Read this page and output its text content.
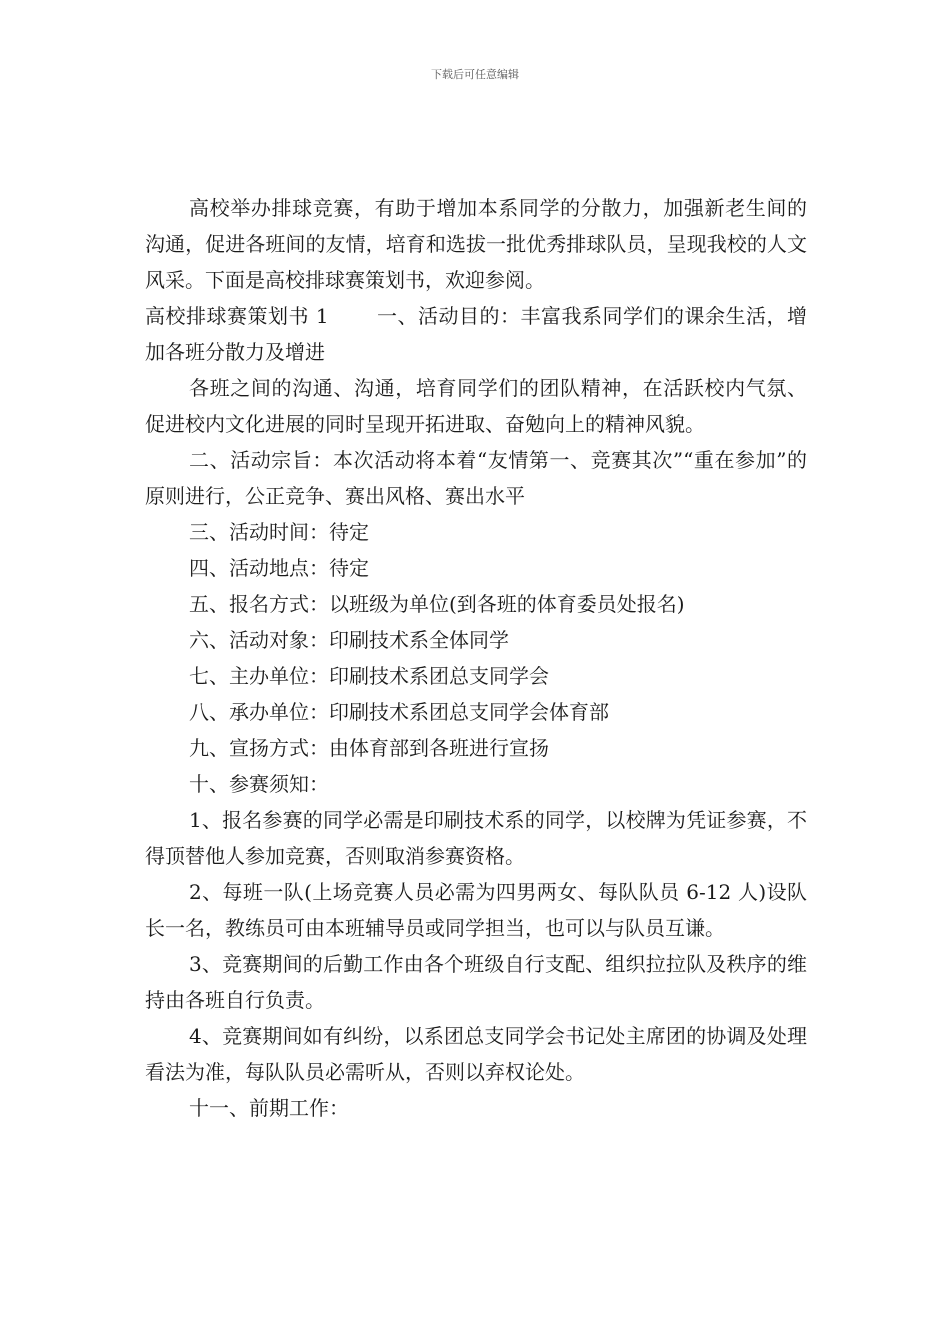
下载后可任意编辑

高校举办排球竞赛，有助于增加本系同学的分散力，加强新老生间的沟通，促进各班间的友情，培育和选拔一批优秀排球队员，呈现我校的人文风采。下面是高校排球赛策划书，欢迎参阅。

高校排球赛策划书 1 一、活动目的：丰富我系同学们的课余生活，增加各班分散力及增进

各班之间的沟通、沟通，培育同学们的团队精神，在活跃校内气氛、促进校内文化进展的同时呈现开拓进取、奋勉向上的精神风貌。

二、活动宗旨：本次活动将本着“友情第一、竞赛其次”“重在参加”的原则进行，公正竞争、赛出风格、赛出水平

三、活动时间：待定

四、活动地点：待定

五、报名方式：以班级为单位(到各班的体育委员处报名)

六、活动对象：印刷技术系全体同学

七、主办单位：印刷技术系团总支同学会

八、承办单位：印刷技术系团总支同学会体育部

九、宣扬方式：由体育部到各班进行宣扬

十、参赛须知：

1、报名参赛的同学必需是印刷技术系的同学，以校牌为凭证参赛，不得顶替他人参加竞赛，否则取消参赛资格。

2、每班一队(上场竞赛人员必需为四男两女、每队队员 6-12 人)设队长一名，教练员可由本班辅导员或同学担当，也可以与队员互谦。

3、竞赛期间的后勤工作由各个班级自行支配、组织拉拉队及秩序的维持由各班自行负责。

4、竞赛期间如有纠纷，以系团总支同学会书记处主席团的协调及处理看法为准，每队队员必需听从，否则以弃权论处。

十一、前期工作：
